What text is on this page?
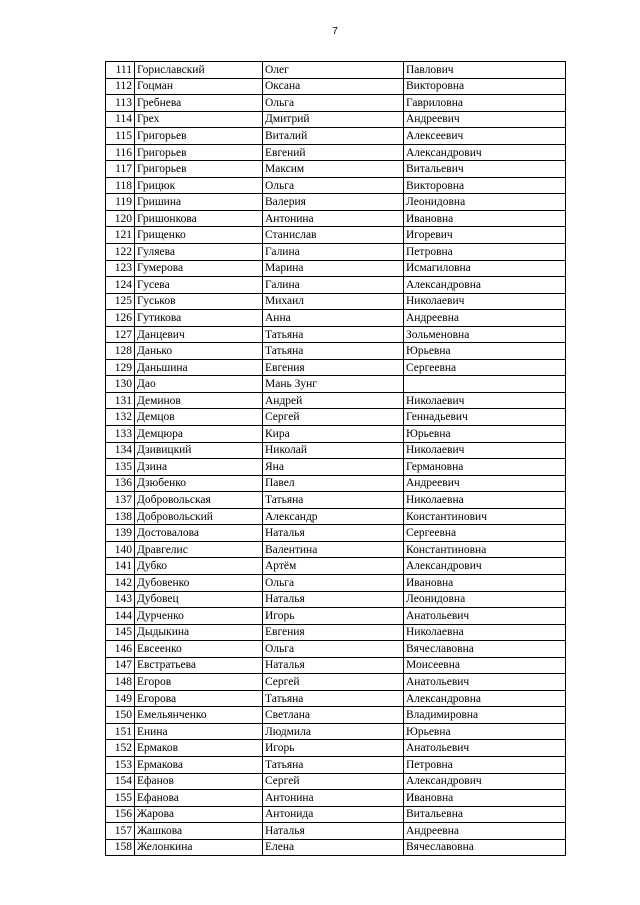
7
111	Гориславский	Олег	Павлович
112	Гоцман	Оксана	Викторовна
113	Гребнева	Ольга	Гавриловна
114	Грех	Дмитрий	Андреевич
115	Григорьев	Виталий	Алексеевич
116	Григорьев	Евгений	Александрович
117	Григорьев	Максим	Витальевич
118	Грицюк	Ольга	Викторовна
119	Гришина	Валерия	Леонидовна
120	Гришонкова	Антонина	Ивановна
121	Грищенко	Станислав	Игоревич
122	Гуляева	Галина	Петровна
123	Гумерова	Марина	Исмагиловна
124	Гусева	Галина	Александровна
125	Гуськов	Михаил	Николаевич
126	Гутикова	Анна	Андреевна
127	Данцевич	Татьяна	Зольменовна
128	Данько	Татьяна	Юрьевна
129	Даньшина	Евгения	Сергеевна
130	Дао	Мань Зунг	
131	Деминов	Андрей	Николаевич
132	Демцов	Сергей	Геннадьевич
133	Демцюра	Кира	Юрьевна
134	Дзивицкий	Николай	Николаевич
135	Дзина	Яна	Германовна
136	Дзюбенко	Павел	Андреевич
137	Добровольская	Татьяна	Николаевна
138	Добровольский	Александр	Константинович
139	Достовалова	Наталья	Сергеевна
140	Дравгелис	Валентина	Константиновна
141	Дубко	Артём	Александрович
142	Дубовенко	Ольга	Ивановна
143	Дубовец	Наталья	Леонидовна
144	Дурченко	Игорь	Анатольевич
145	Дыдыкина	Евгения	Николаевна
146	Евсеенко	Ольга	Вячеславовна
147	Евстратьева	Наталья	Моисеевна
148	Егоров	Сергей	Анатольевич
149	Егорова	Татьяна	Александровна
150	Емельянченко	Светлана	Владимировна
151	Енина	Людмила	Юрьевна
152	Ермаков	Игорь	Анатольевич
153	Ермакова	Татьяна	Петровна
154	Ефанов	Сергей	Александрович
155	Ефанова	Антонина	Ивановна
156	Жарова	Антонида	Витальевна
157	Жашкова	Наталья	Андреевна
158	Желонкина	Елена	Вячеславовна
